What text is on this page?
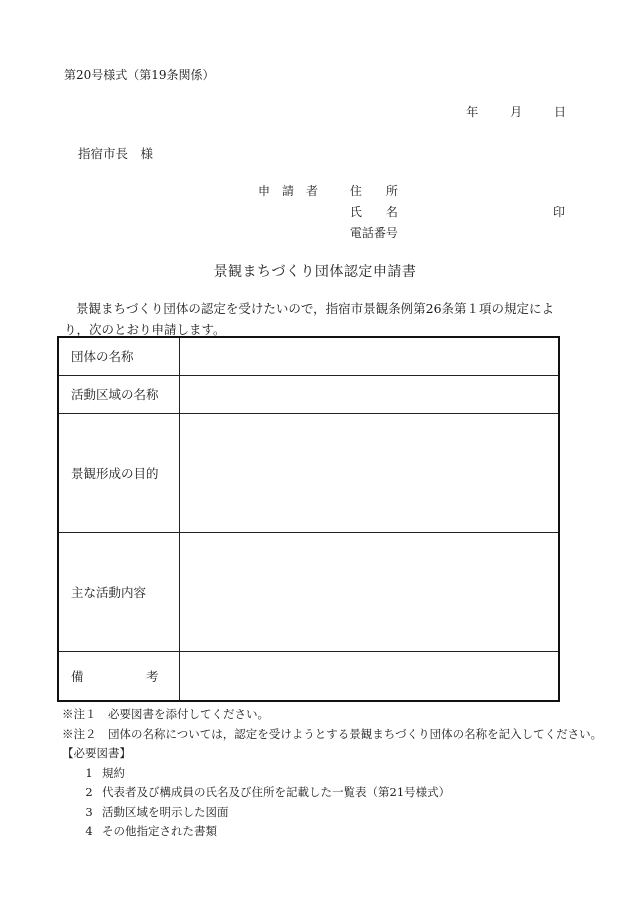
第20号様式（第19条関係）
年	月	日
指宿市長　様
申　請　者	住　　所
氏　　名
電話番号
印
景観まちづくり団体認定申請書
景観まちづくり団体の認定を受けたいので，指宿市景観条例第26条第１項の規定により，次のとおり申請します。
団体の名称	
活動区域の名称	
景観形成の目的	
主な活動内容	
備　　　　　考	
※注１　必要図書を添付してください。
※注２　団体の名称については，認定を受けようとする景観まちづくり団体の名称を記入してください。
【必要図書】
1 規約
2 代表者及び構成員の氏名及び住所を記載した一覧表（第21号様式）
3 活動区域を明示した図面
4 その他指定された書類
